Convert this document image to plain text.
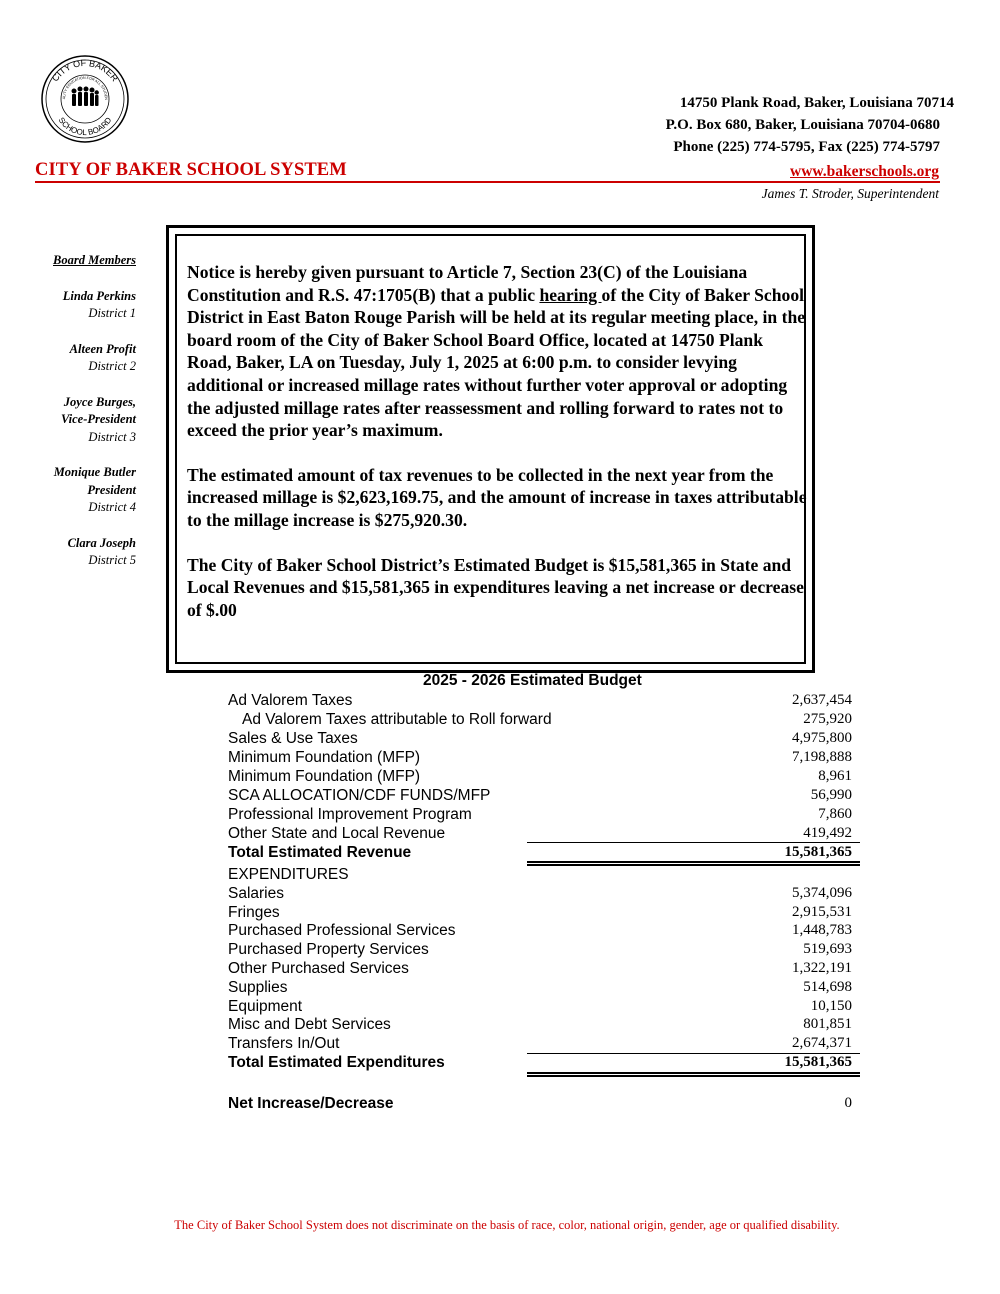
CITY OF BAKER
SCHOOL BOARD
ALITY EDUCATION FOR ALL STUDEN	14750 Plank Road, Baker, Louisiana 70714
P.O. Box 680, Baker, Louisiana 70704-0680
Phone (225) 774-5795, Fax (225) 774-5797
CITY OF BAKER SCHOOL SYSTEM	www.bakerschools.org
James T. Stroder, Superintendent
Board Members
Linda Perkins
District 1
Alteen Profit
District 2
Joyce Burges,
Vice-President
District 3
Monique Butler
President
District 4
Clara Joseph
District 5

Notice is hereby given pursuant to Article 7, Section 23(C) of the Louisiana Constitution and R.S. 47:1705(B) that a public hearing of the City of Baker School District in East Baton Rouge Parish will be held at its regular meeting place, in the board room of the City of Baker School Board Office, located at 14750 Plank Road, Baker, LA on Tuesday, July 1, 2025 at 6:00 p.m. to consider levying additional or increased millage rates without further voter approval or adopting the adjusted millage rates after reassessment and rolling forward to rates not to exceed the prior year’s maximum.

The estimated amount of tax revenues to be collected in the next year from the increased millage is $2,623,169.75, and the amount of increase in taxes attributable to the millage increase is $275,920.30.

The City of Baker School District’s Estimated Budget is $15,581,365 in State and Local Revenues and $15,581,365 in expenditures leaving a net increase or decrease of $.00

2025 - 2026 Estimated Budget
Ad Valorem Taxes	2,637,454
Ad Valorem Taxes attributable to Roll forward	275,920
Sales & Use Taxes	4,975,800
Minimum Foundation (MFP)	7,198,888
Minimum Foundation (MFP)	8,961
SCA ALLOCATION/CDF FUNDS/MFP	56,990
Professional Improvement Program	7,860
Other State and Local Revenue	419,492
Total Estimated Revenue	15,581,365
EXPENDITURES
Salaries	5,374,096
Fringes	2,915,531
Purchased Professional Services	1,448,783
Purchased Property Services	519,693
Other Purchased Services	1,322,191
Supplies	514,698
Equipment	10,150
Misc and Debt Services	801,851
Transfers In/Out	2,674,371
Total Estimated Expenditures	15,581,365
Net Increase/Decrease	0
The City of Baker School System does not discriminate on the basis of race, color, national origin, gender, age or qualified disability.
